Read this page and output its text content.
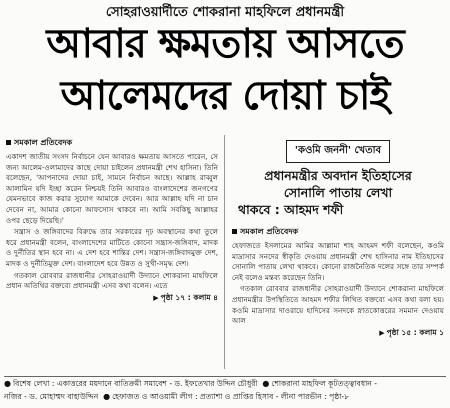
সোহরাওয়ার্দীতে শোকরানা মাহফিলে প্রধানমন্ত্রী
আবার ক্ষমতায় আসতে
আলেমদের দোয়া চাই
সমকাল প্রতিবেদক

একাদশ জাতীয় সংসদ নির্বাচনে যেন আবারও ক্ষমতায় আসতে পারেন, সে জন্য আলেম-ওলামাদের কাছে দোয়া চাইলেন প্রধানমন্ত্রী শেখ হাসিনা। তিনি বলেছেন, 'আপনাদের দোয়া চাই, সামনে নির্বাচন আছে। আল্লাহ রাব্বুল আলামিন যদি ইচ্ছা করেন নিশ্চয়ই তিনি আবারও বাংলাদেশের জনগণের যেমনভাবে কাজ করার সুযোগ আমাকে দেবেন। আর আল্লাহ যদি না চান দেবেন না, আমার কোনো আফসোস থাকবে না। আমি সবকিছু আল্লাহর ওপর ছেড়ে দিয়েছি।'

সন্ত্রাস ও জঙ্গিবাদের বিরুদ্ধে তার সরকারের দৃঢ় অবস্থানের কথা তুলে ধরে প্রধানমন্ত্রী বলেন, বাংলাদেশের মাটিতে কোনো সন্ত্রাস-জঙ্গিবাদ, মাদক ও দুর্নীতির স্থান হবে না। এ দেশ হবে শান্তির দেশ। সন্ত্রাস-জঙ্গিবাদমুক্ত দেশ, মাদক ও দুর্নীতিমুক্ত দেশ। বাংলাদেশ হবে উন্নত ও সুখী-সমৃদ্ধ দেশ।

গতকাল রোববার রাজধানীর সোহরাওয়ার্দী উদ্যানে শোকরানা মাহফিলে প্রধান অতিথির বক্তব্যে প্রধানমন্ত্রী এসব কথা বলেন। এতে

▶ পৃষ্ঠা ১৭ : কলাম ৪
'কওমি জননী' খেতাব
প্রধানমন্ত্রীর অবদান ইতিহাসের
সোনালি পাতায় লেখা
থাকবে : আহমদ শফী
সমকাল প্রতিবেদক

হেফাজতে ইসলামের আমির আল্লামা শাহ আহমদ শফী বলেছেন, কওমি মাদ্রাসার সনদের স্বীকৃতি দেওয়ায় প্রধানমন্ত্রী শেখ হাসিনার নাম ইতিহাসের সোনালি পাতায় লেখা থাকবে। কোনো রাজনৈতিক দলের সঙ্গে তার সম্পর্ক নেই বলেও মন্তব্য করেছেন তিনি।

গতকাল রোববার রাজধানীর সোহরাওয়ার্দী উদ্যানে শোকরানা মাহফিলে প্রধানমন্ত্রীর উপস্থিতিতে আহমদ শফীর লিখিত বক্তব্যে এসব কথা বলা হয়। কওমি মাদ্রাসার দাওরায়ে হাদিসের সনদকে স্নাতকোত্তরের সমমান দেওয়ায় আল

▶ পৃষ্ঠা ১৫ : কলাম ১
● বিশেষ লেখা : একাত্তরের ময়দানে বাতিক্রমী সমাবেশ - ড. ইফতেখার উদ্দিন চৌধুরী ● শোকরানা মাহফিল কূটতত্ত্বাবধান -
নজির - ড. মোহাম্মদ বাহাউদ্দিন ● হেফাজত ও আওয়ামী লীগ : প্রত্যাশা ও প্রাপ্তির হিসাব - লীনা পারভীন : পৃষ্ঠা-৮
